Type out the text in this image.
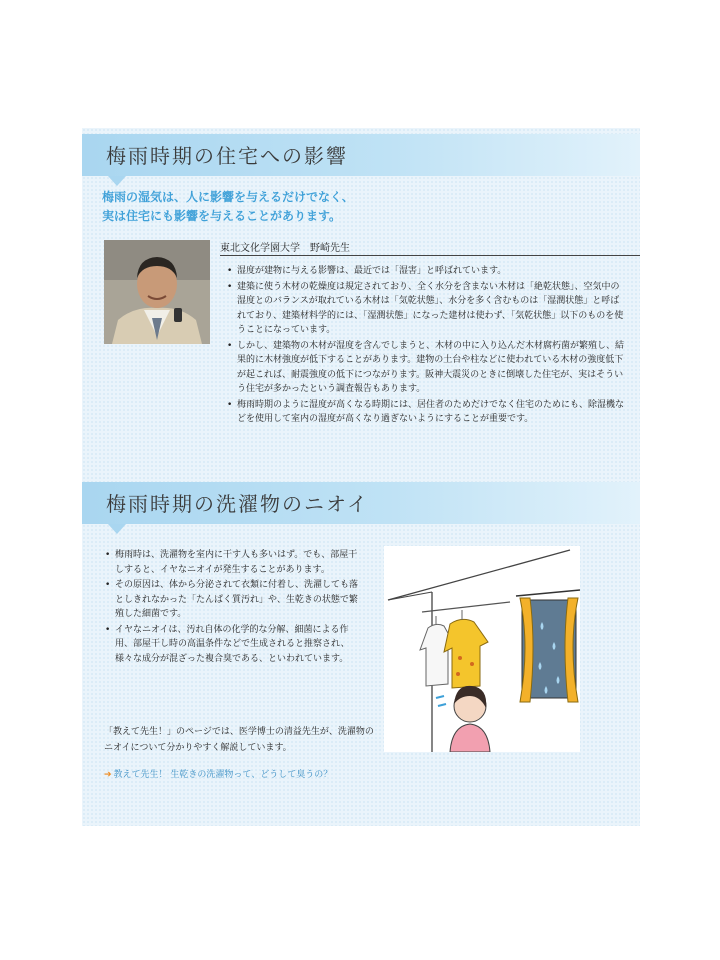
梅雨時期の住宅への影響
梅雨の湿気は、人に影響を与えるだけでなく、
実は住宅にも影響を与えることがあります。
東北文化学園大学　野崎先生
• 湿度が建物に与える影響は、最近では「湿害」と呼ばれています。
• 建築に使う木材の乾燥度は規定されており、全く水分を含まない木材は「絶乾状態」、空気中の湿度とのバランスが取れている木材は「気乾状態」、水分を多く含むものは「湿潤状態」と呼ばれており、建築材料学的には、「湿潤状態」になった建材は使わず、「気乾状態」以下のものを使うことになっています。
• しかし、建築物の木材が湿度を含んでしまうと、木材の中に入り込んだ木材腐朽菌が繁殖し、結果的に木材強度が低下することがあります。建物の土台や柱などに使われている木材の強度低下が起これば、耐震強度の低下につながります。阪神大震災のときに倒壊した住宅が、実はそういう住宅が多かったという調査報告もあります。
• 梅雨時期のように湿度が高くなる時期には、居住者のためだけでなく住宅のためにも、除湿機などを使用して室内の湿度が高くなり過ぎないようにすることが重要です。
梅雨時期の洗濯物のニオイ
• 梅雨時は、洗濯物を室内に干す人も多いはず。でも、部屋干しすると、イヤなニオイが発生することがあります。
• その原因は、体から分泌されて衣類に付着し、洗濯しても落としきれなかった「たんぱく質汚れ」や、生乾きの状態で繁殖した細菌です。
• イヤなニオイは、汚れ自体の化学的な分解、細菌による作用、部屋干し時の高温条件などで生成されると推察され、様々な成分が混ざった複合臭である、といわれています。
「教えて先生！」のページでは、医学博士の清益先生が、洗濯物のニオイについて分かりやすく解説しています。
➔ 教えて先生！ 生乾きの洗濯物って、どうして臭うの？
